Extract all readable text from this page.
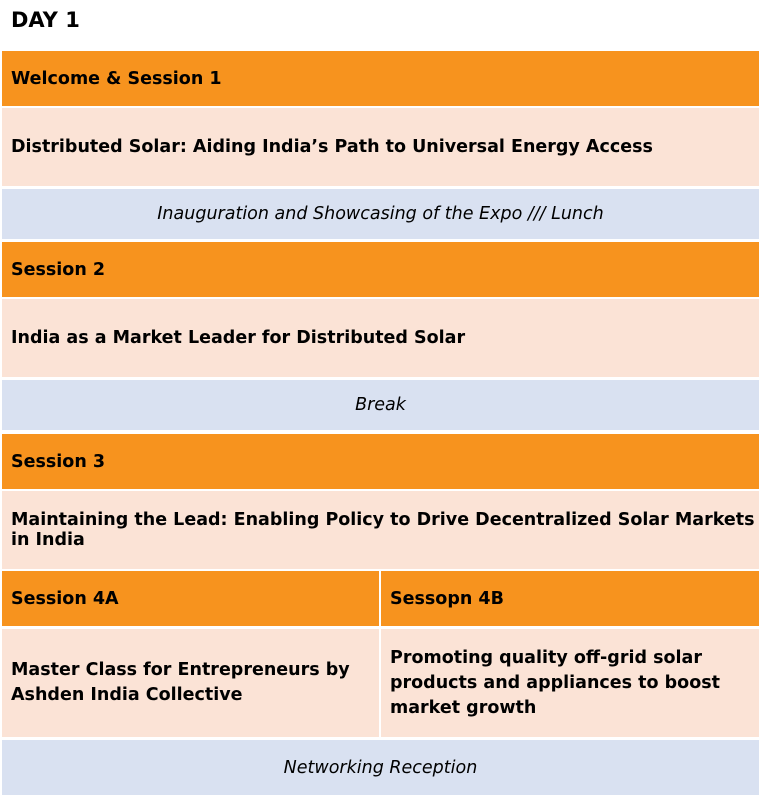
DAY 1
Welcome & Session 1
Distributed Solar: Aiding India’s Path to Universal Energy Access
Inauguration and Showcasing of the Expo /// Lunch
Session 2
India as a Market Leader for Distributed Solar
Break
Session 3
Maintaining the Lead: Enabling Policy to Drive Decentralized Solar Markets in India
Session 4A	Sessopn 4B
Master Class for Entrepreneurs by Ashden India Collective
Promoting quality off-grid solar products and appliances to boost market growth
Networking Reception
